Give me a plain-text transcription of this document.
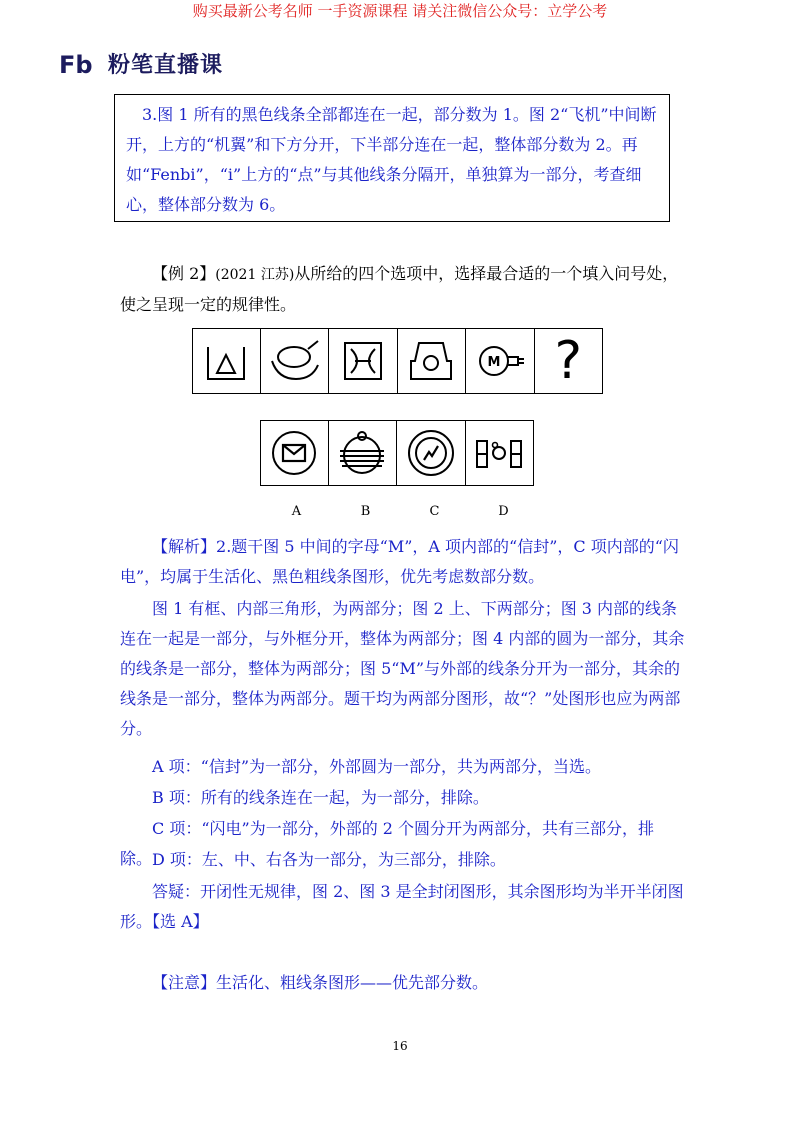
购买最新公考名师 一手资源课程 请关注微信公众号：立学公考
Fb 粉笔直播课

3.图 1 所有的黑色线条全部都连在一起，部分数为 1。图 2“飞机”中间断开，上方的“机翼”和下方分开，下半部分连在一起，整体部分数为 2。再如“Fenbi”，“i”上方的“点”与其他线条分隔开，单独算为一部分，考查细心，整体部分数为 6。

【例 2】(2021 江苏)从所给的四个选项中，选择最合适的一个填入问号处，使之呈现一定的规律性。

M ?
A	B	C	D

【解析】2.题干图 5 中间的字母“M”，A 项内部的“信封”，C 项内部的“闪电”，均属于生活化、黑色粗线条图形，优先考虑数部分数。

图 1 有框、内部三角形，为两部分；图 2 上、下两部分；图 3 内部的线条连在一起是一部分，与外框分开，整体为两部分；图 4 内部的圆为一部分，其余的线条是一部分，整体为两部分；图 5“M”与外部的线条分开为一部分，其余的线条是一部分，整体为两部分。题干均为两部分图形，故“？”处图形也应为两部分。

A 项：“信封”为一部分，外部圆为一部分，共为两部分，当选。

B 项：所有的线条连在一起，为一部分，排除。

C 项：“闪电”为一部分，外部的 2 个圆分开为两部分，共有三部分，排除。 D 项：左、中、右各为一部分，为三部分，排除。

答疑：开闭性无规律，图 2、图 3 是全封闭图形，其余图形均为半开半闭图形。【选 A】

【注意】生活化、粗线条图形——优先部分数。

16
